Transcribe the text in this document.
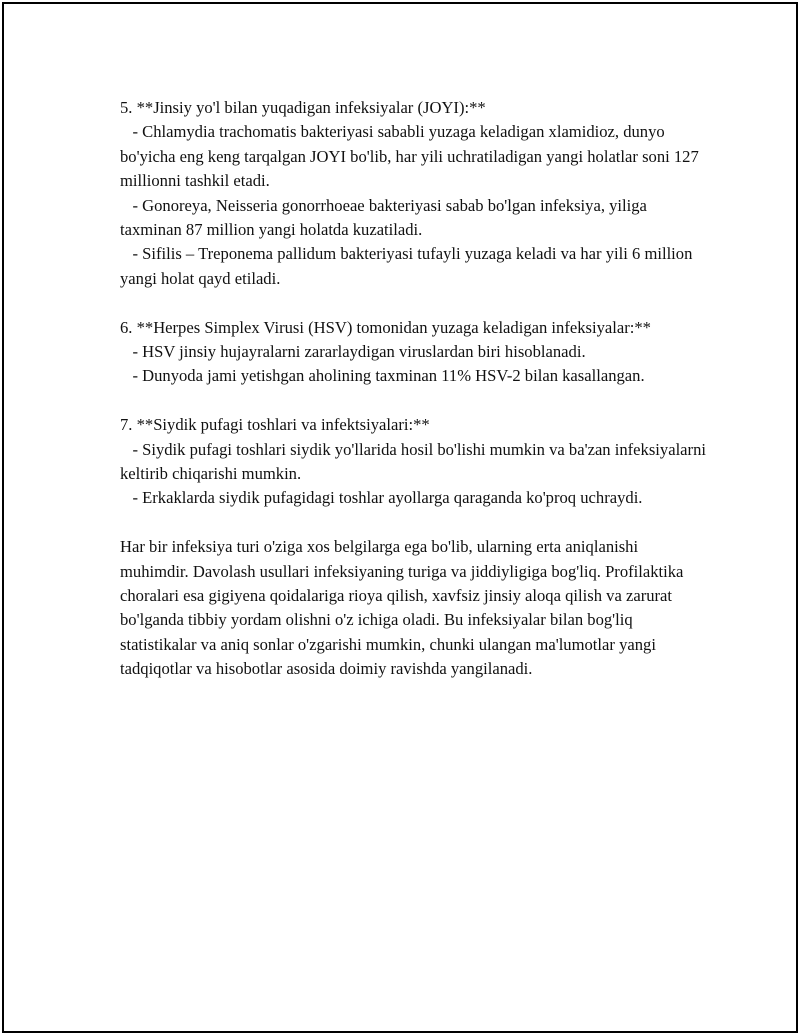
5. **Jinsiy yo'l bilan yuqadigan infeksiyalar (JOYI):**

- Chlamydia trachomatis bakteriyasi sababli yuzaga keladigan xlamidioz, dunyo bo'yicha eng keng tarqalgan JOYI bo'lib, har yili uchratiladigan yangi holatlar soni 127 millionni tashkil etadi.

- Gonoreya, Neisseria gonorrhoeae bakteriyasi sabab bo'lgan infeksiya, yiliga taxminan 87 million yangi holatda kuzatiladi.

- Sifilis – Treponema pallidum bakteriyasi tufayli yuzaga keladi va har yili 6 million yangi holat qayd etiladi.

6. **Herpes Simplex Virusi (HSV) tomonidan yuzaga keladigan infeksiyalar:**

- HSV jinsiy hujayralarni zararlaydigan viruslardan biri hisoblanadi.

- Dunyoda jami yetishgan aholining taxminan 11% HSV-2 bilan kasallangan.

7. **Siydik pufagi toshlari va infektsiyalari:**

- Siydik pufagi toshlari siydik yo'llarida hosil bo'lishi mumkin va ba'zan infeksiyalarni keltirib chiqarishi mumkin.

- Erkaklarda siydik pufagidagi toshlar ayollarga qaraganda ko'proq uchraydi.

Har bir infeksiya turi o'ziga xos belgilarga ega bo'lib, ularning erta aniqlanishi muhimdir. Davolash usullari infeksiyaning turiga va jiddiyligiga bog'liq. Profilaktika choralari esa gigiyena qoidalariga rioya qilish, xavfsiz jinsiy aloqa qilish va zarurat bo'lganda tibbiy yordam olishni o'z ichiga oladi. Bu infeksiyalar bilan bog'liq statistikalar va aniq sonlar o'zgarishi mumkin, chunki ulangan ma'lumotlar yangi tadqiqotlar va hisobotlar asosida doimiy ravishda yangilanadi.
